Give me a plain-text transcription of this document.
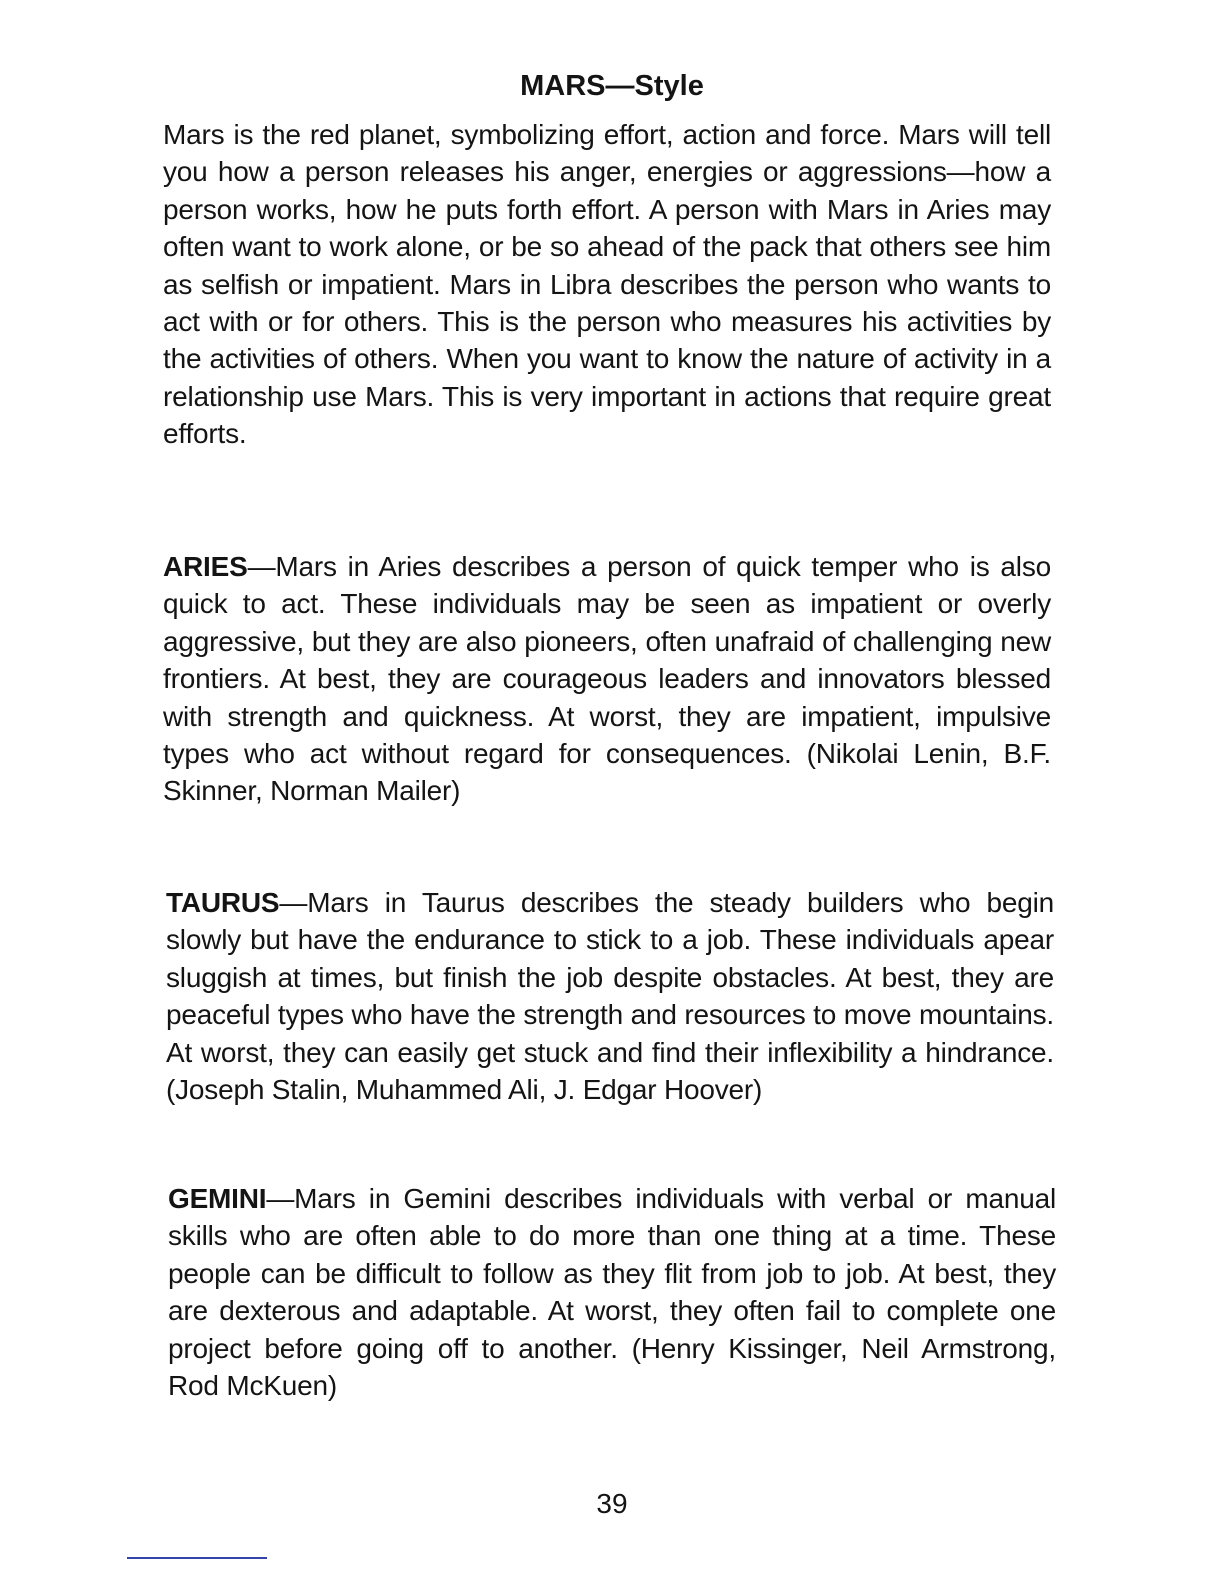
MARS—Style

Mars is the red planet, symbolizing effort, action and force. Mars will tell you how a person releases his anger, energies or aggressions—how a person works, how he puts forth effort. A person with Mars in Aries may often want to work alone, or be so ahead of the pack that others see him as selfish or impatient. Mars in Libra describes the person who wants to act with or for others. This is the person who measures his activities by the activities of others. When you want to know the nature of activity in a relationship use Mars. This is very important in actions that require great efforts.

ARIES—Mars in Aries describes a person of quick temper who is also quick to act. These individuals may be seen as impatient or overly aggressive, but they are also pioneers, often unafraid of challenging new frontiers. At best, they are courageous leaders and innovators blessed with strength and quickness. At worst, they are impatient, impulsive types who act without regard for consequences. (Nikolai Lenin, B.F. Skinner, Norman Mailer)

TAURUS—Mars in Taurus describes the steady builders who begin slowly but have the endurance to stick to a job. These individuals apear sluggish at times, but finish the job despite obstacles. At best, they are peaceful types who have the strength and resources to move mountains. At worst, they can easily get stuck and find their inflexibility a hindrance. (Joseph Stalin, Muhammed Ali, J. Edgar Hoover)

GEMINI—Mars in Gemini describes individuals with verbal or manual skills who are often able to do more than one thing at a time. These people can be difficult to follow as they flit from job to job. At best, they are dexterous and adaptable. At worst, they often fail to complete one project before going off to another. (Henry Kissinger, Neil Armstrong, Rod McKuen)

39
